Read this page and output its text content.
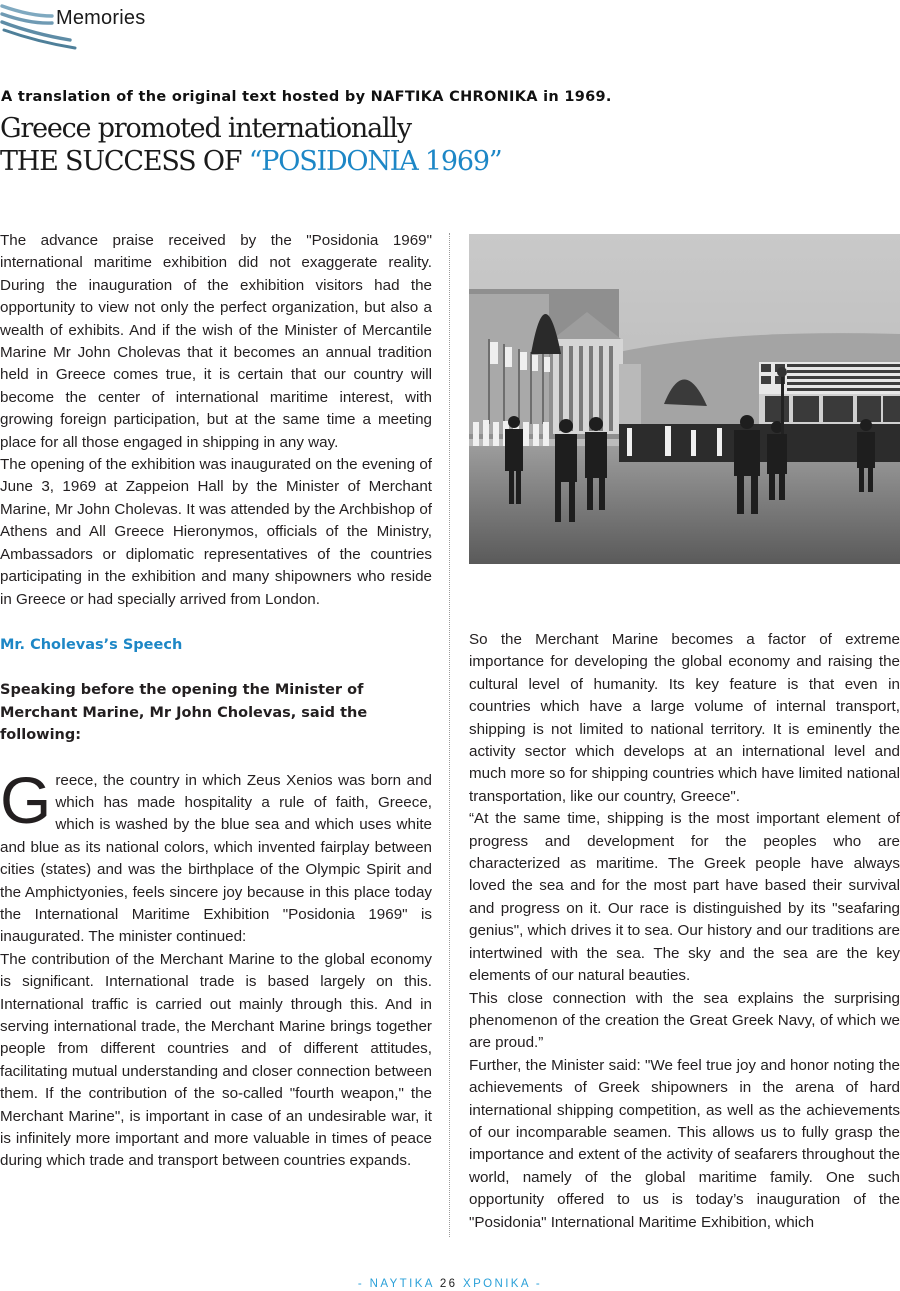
Memories
A translation of the original text hosted by NAFTIKA CHRONIKA in 1969.
Greece promoted internationally
THE SUCCESS OF “POSIDONIA 1969”

The advance praise received by the "Posidonia 1969" international maritime exhibition did not exaggerate reality. During the inauguration of the exhibition visitors had the opportunity to view not only the perfect organization, but also a wealth of exhibits. And if the wish of the Minister of Mercantile Marine Mr John Cholevas that it becomes an annual tradition held in Greece comes true, it is certain that our country will become the center of international maritime interest, with growing foreign participation, but at the same time a meeting place for all those engaged in shipping in any way.

The opening of the exhibition was inaugurated on the evening of June 3, 1969 at Zappeion Hall by the Minister of Merchant Marine, Mr John Cholevas. It was attended by the Archbishop of Athens and All Greece Hieronymos, officials of the Ministry, Ambassadors or diplomatic representatives of the countries participating in the exhibition and many shipowners who reside in Greece or had specially arrived from London.

Mr. Cholevas’s Speech

Speaking before the opening the Minister of Merchant Marine, Mr John Cholevas, said the following:

Greece, the country in which Zeus Xenios was born and which has made hospitality a rule of faith, Greece, which is washed by the blue sea and which uses white and blue as its national colors, which invented fairplay between cities (states) and was the birthplace of the Olympic Spirit and the Amphictyonies, feels sincere joy because in this place today the International Maritime Exhibition "Posidonia 1969" is inaugurated. The minister continued:

The contribution of the Merchant Marine to the global economy is significant. International trade is based largely on this. International traffic is carried out mainly through this. And in serving international trade, the Merchant Marine brings together people from different countries and of different attitudes, facilitating mutual understanding and closer connection between them. If the contribution of the so-called "fourth weapon," the Merchant Marine", is important in case of an undesirable war, it is infinitely more important and more valuable in times of peace during which trade and transport between countries expands.

So the Merchant Marine becomes a factor of extreme importance for developing the global economy and raising the cultural level of humanity. Its key feature is that even in countries which have a large volume of internal transport, shipping is not limited to national territory. It is eminently the activity sector which develops at an international level and much more so for shipping countries which have limited national transportation, like our country, Greece".

“At the same time, shipping is the most important element of progress and development for the peoples who are characterized as maritime. The Greek people have always loved the sea and for the most part have based their survival and progress on it. Our race is distinguished by its "seafaring genius", which drives it to sea. Our history and our traditions are intertwined with the sea. The sky and the sea are the key elements of our natural beauties.

This close connection with the sea explains the surprising phenomenon of the creation the Great Greek Navy, of which we are proud.”

Further, the Minister said: "We feel true joy and honor noting the achievements of Greek shipowners in the arena of hard international shipping competition, as well as the achievements of our incomparable seamen. This allows us to fully grasp the importance and extent of the activity of seafarers throughout the world, namely of the global maritime family. One such opportunity offered to us is today’s inauguration of the "Posidonia" International Maritime Exhibition, which

- ΝΑΥΤΙΚΑ 26 ΧΡΟΝΙΚΑ -
